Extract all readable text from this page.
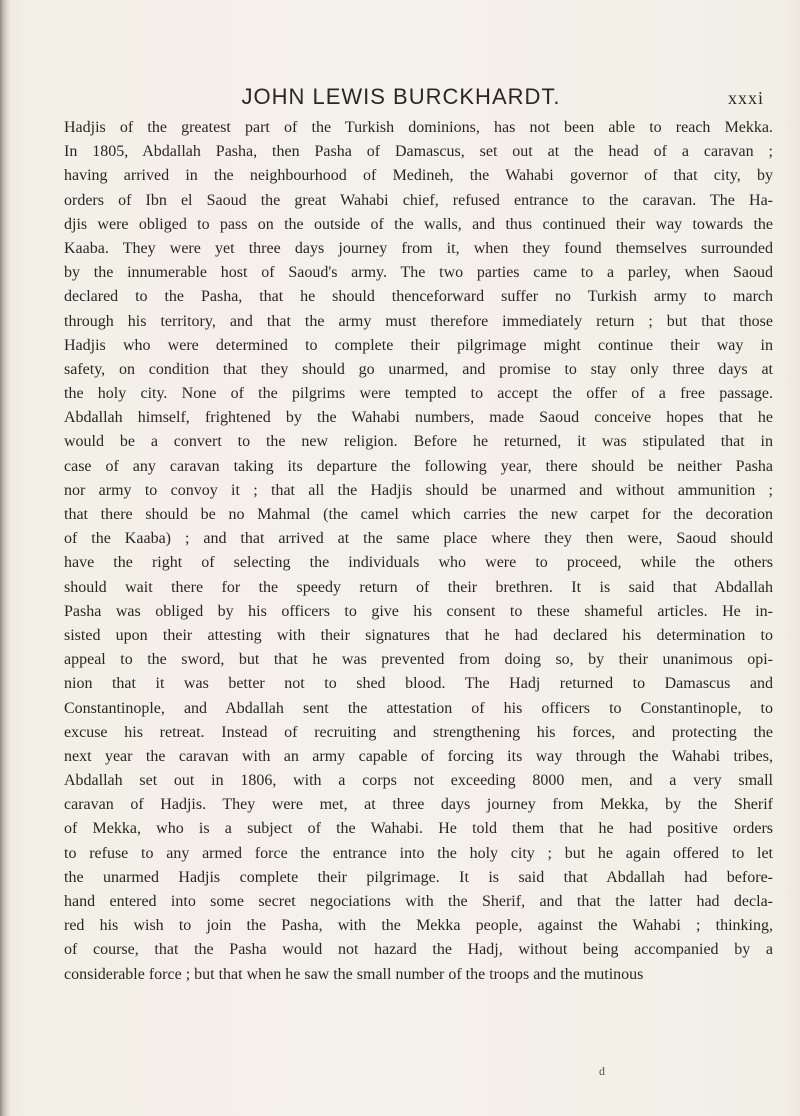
JOHN LEWIS BURCKHARDT.	xxxi
Hadjis of the greatest part of the Turkish dominions, has not been able to reach Mekka.
In 1805, Abdallah Pasha, then Pasha of Damascus, set out at the head of a caravan ;
having arrived in the neighbourhood of Medineh, the Wahabi governor of that city, by
orders of Ibn el Saoud the great Wahabi chief, refused entrance to the caravan. The Ha-
djis were obliged to pass on the outside of the walls, and thus continued their way towards the
Kaaba. They were yet three days journey from it, when they found themselves surrounded
by the innumerable host of Saoud's army. The two parties came to a parley, when Saoud
declared to the Pasha, that he should thenceforward suffer no Turkish army to march
through his territory, and that the army must therefore immediately return ; but that those
Hadjis who were determined to complete their pilgrimage might continue their way in
safety, on condition that they should go unarmed, and promise to stay only three days at
the holy city. None of the pilgrims were tempted to accept the offer of a free passage.
Abdallah himself, frightened by the Wahabi numbers, made Saoud conceive hopes that he
would be a convert to the new religion. Before he returned, it was stipulated that in
case of any caravan taking its departure the following year, there should be neither Pasha
nor army to convoy it ; that all the Hadjis should be unarmed and without ammunition ;
that there should be no Mahmal (the camel which carries the new carpet for the decoration
of the Kaaba) ; and that arrived at the same place where they then were, Saoud should
have the right of selecting the individuals who were to proceed, while the others
should wait there for the speedy return of their brethren. It is said that Abdallah
Pasha was obliged by his officers to give his consent to these shameful articles. He in-
sisted upon their attesting with their signatures that he had declared his determination to
appeal to the sword, but that he was prevented from doing so, by their unanimous opi-
nion that it was better not to shed blood. The Hadj returned to Damascus and
Constantinople, and Abdallah sent the attestation of his officers to Constantinople, to
excuse his retreat. Instead of recruiting and strengthening his forces, and protecting the
next year the caravan with an army capable of forcing its way through the Wahabi tribes,
Abdallah set out in 1806, with a corps not exceeding 8000 men, and a very small
caravan of Hadjis. They were met, at three days journey from Mekka, by the Sherif
of Mekka, who is a subject of the Wahabi. He told them that he had positive orders
to refuse to any armed force the entrance into the holy city ; but he again offered to let
the unarmed Hadjis complete their pilgrimage. It is said that Abdallah had before-
hand entered into some secret negociations with the Sherif, and that the latter had decla-
red his wish to join the Pasha, with the Mekka people, against the Wahabi ; thinking,
of course, that the Pasha would not hazard the Hadj, without being accompanied by a
considerable force ; but that when he saw the small number of the troops and the mutinous
d
